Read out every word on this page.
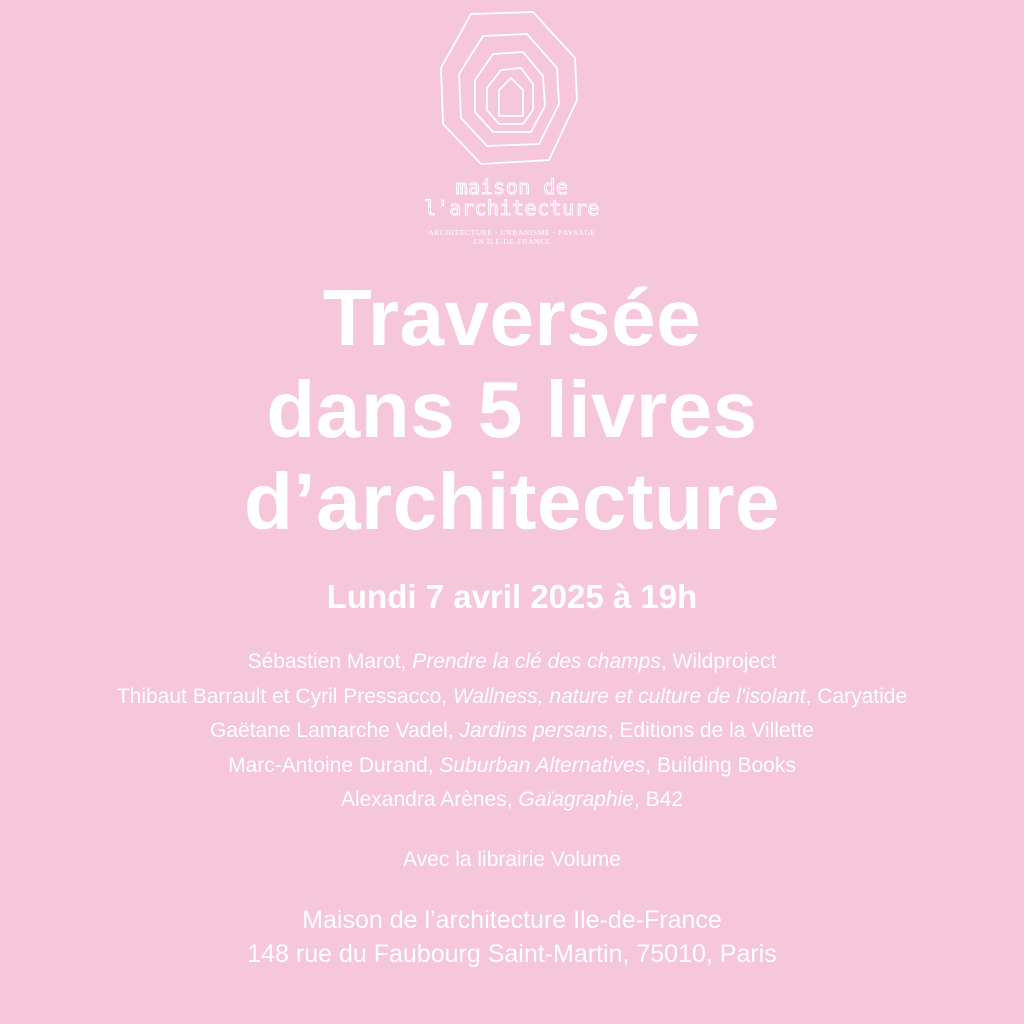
maison de
l'architecture
ARCHITECTURE · URBANISME · PAYSAGE
EN ÎLE-DE-FRANCE
Traversée
dans 5 livres
d’architecture
Lundi 7 avril 2025 à 19h
Sébastien Marot, Prendre la clé des champs, Wildproject
Thibaut Barrault et Cyril Pressacco, Wallness, nature et culture de l'isolant, Caryatide
Gaëtane Lamarche Vadel, Jardins persans, Editions de la Villette
Marc-Antoine Durand, Suburban Alternatives, Building Books
Alexandra Arènes, Gaïagraphie, B42
Avec la librairie Volume
Maison de l’architecture Ile-de-France
148 rue du Faubourg Saint-Martin, 75010, Paris
